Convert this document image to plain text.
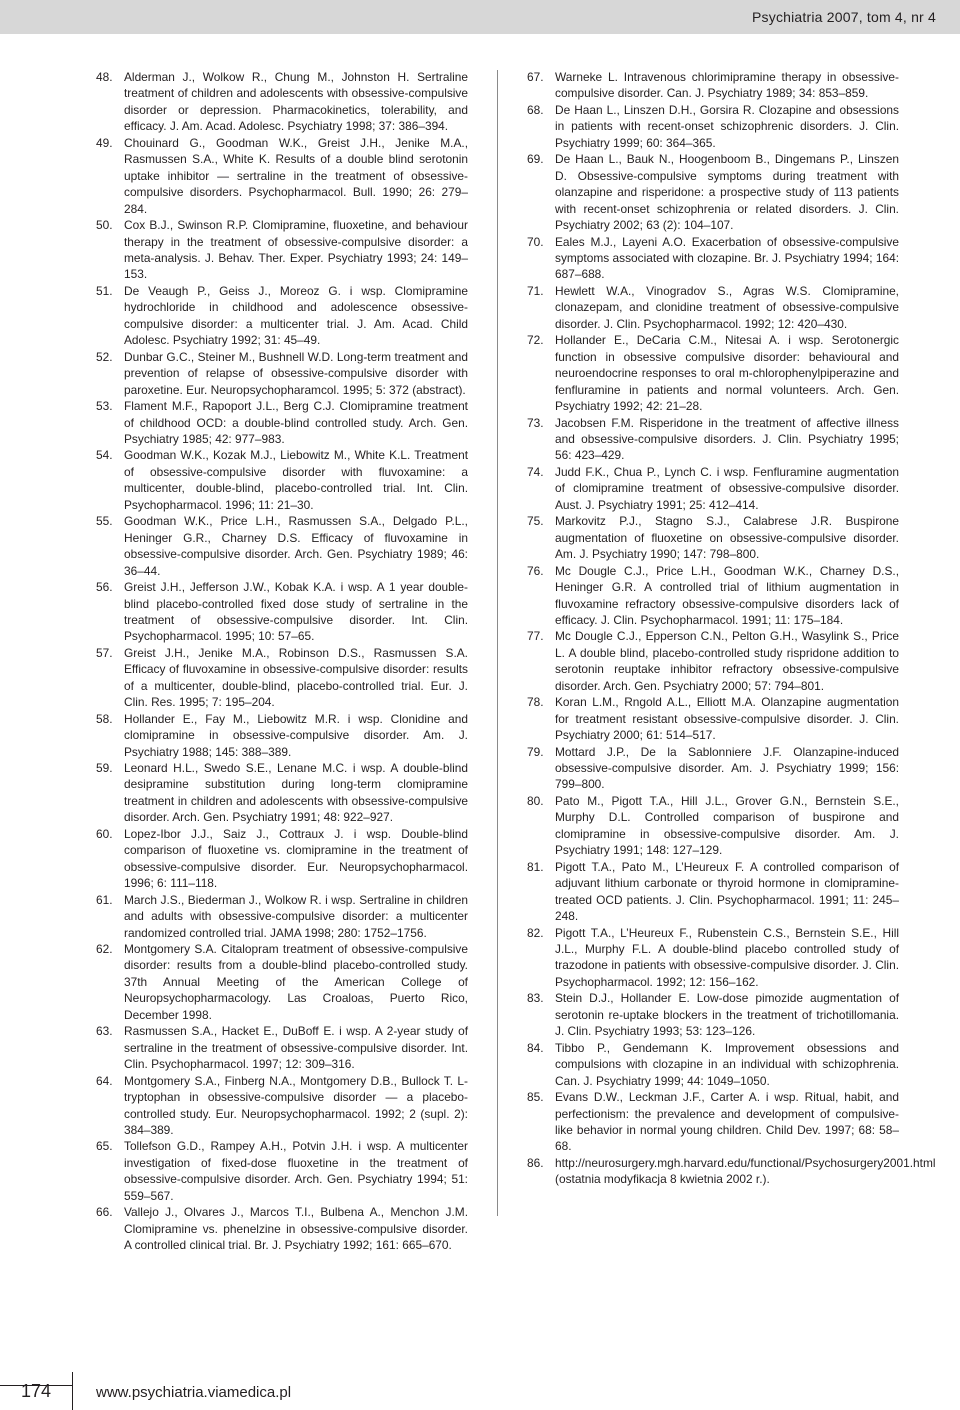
Psychiatria 2007, tom 4, nr 4
48. Alderman J., Wolkow R., Chung M., Johnston H. Sertraline treatment of children and adolescents with obsessive-compulsive disorder or depression. Pharmacokinetics, tolerability, and efficacy. J. Am. Acad. Adolesc. Psychiatry 1998; 37: 386–394.
49. Chouinard G., Goodman W.K., Greist J.H., Jenike M.A., Rasmussen S.A., White K. Results of a double blind serotonin uptake inhibitor — sertraline in the treatment of obsessive-compulsive disorders. Psychopharmacol. Bull. 1990; 26: 279–284.
50. Cox B.J., Swinson R.P. Clomipramine, fluoxetine, and behaviour therapy in the treatment of obsessive-compulsive disorder: a meta-analysis. J. Behav. Ther. Exper. Psychiatry 1993; 24: 149–153.
51. De Veaugh P., Geiss J., Moreoz G. i wsp. Clomipramine hydrochloride in childhood and adolescence obsessive-compulsive disorder: a multicenter trial. J. Am. Acad. Child Adolesc. Psychiatry 1992; 31: 45–49.
52. Dunbar G.C., Steiner M., Bushnell W.D. Long-term treatment and prevention of relapse of obsessive-compulsive disorder with paroxetine. Eur. Neuropsychopharamcol. 1995; 5: 372 (abstract).
53. Flament M.F., Rapoport J.L., Berg C.J. Clomipramine treatment of childhood OCD: a double-blind controlled study. Arch. Gen. Psychiatry 1985; 42: 977–983.
54. Goodman W.K., Kozak M.J., Liebowitz M., White K.L. Treatment of obsessive-compulsive disorder with fluvoxamine: a multicenter, double-blind, placebo-controlled trial. Int. Clin. Psychopharmacol. 1996; 11: 21–30.
55. Goodman W.K., Price L.H., Rasmussen S.A., Delgado P.L., Heninger G.R., Charney D.S. Efficacy of fluvoxamine in obsessive-compulsive disorder. Arch. Gen. Psychiatry 1989; 46: 36–44.
56. Greist J.H., Jefferson J.W., Kobak K.A. i wsp. A 1 year double-blind placebo-controlled fixed dose study of sertraline in the treatment of obsessive-compulsive disorder. Int. Clin. Psychopharmacol. 1995; 10: 57–65.
57. Greist J.H., Jenike M.A., Robinson D.S., Rasmussen S.A. Efficacy of fluvoxamine in obsessive-compulsive disorder: results of a multicenter, double-blind, placebo-controlled trial. Eur. J. Clin. Res. 1995; 7: 195–204.
58. Hollander E., Fay M., Liebowitz M.R. i wsp. Clonidine and clomipramine in obsessive-compulsive disorder. Am. J. Psychiatry 1988; 145: 388–389.
59. Leonard H.L., Swedo S.E., Lenane M.C. i wsp. A double-blind desipramine substitution during long-term clomipramine treatment in children and adolescents with obsessive-compulsive disorder. Arch. Gen. Psychiatry 1991; 48: 922–927.
60. Lopez-Ibor J.J., Saiz J., Cottraux J. i wsp. Double-blind comparison of fluoxetine vs. clomipramine in the treatment of obsessive-compulsive disorder. Eur. Neuropsychopharmacol. 1996; 6: 111–118.
61. March J.S., Biederman J., Wolkow R. i wsp. Sertraline in children and adults with obsessive-compulsive disorder: a multicenter randomized controlled trial. JAMA 1998; 280: 1752–1756.
62. Montgomery S.A. Citalopram treatment of obsessive-compulsive disorder: results from a double-blind placebo-controlled study. 37th Annual Meeting of the American College of Neuropsychopharmacology. Las Croaloas, Puerto Rico, December 1998.
63. Rasmussen S.A., Hacket E., DuBoff E. i wsp. A 2-year study of sertraline in the treatment of obsessive-compulsive disorder. Int. Clin. Psychopharmacol. 1997; 12: 309–316.
64. Montgomery S.A., Finberg N.A., Montgomery D.B., Bullock T. L-tryptophan in obsessive-compulsive disorder — a placebo-controlled study. Eur. Neuropsychopharmacol. 1992; 2 (supl. 2): 384–389.
65. Tollefson G.D., Rampey A.H., Potvin J.H. i wsp. A multicenter investigation of fixed-dose fluoxetine in the treatment of obsessive-compulsive disorder. Arch. Gen. Psychiatry 1994; 51: 559–567.
66. Vallejo J., Olvares J., Marcos T.I., Bulbena A., Menchon J.M. Clomipramine vs. phenelzine in obsessive-compulsive disorder. A controlled clinical trial. Br. J. Psychiatry 1992; 161: 665–670.
67. Warneke L. Intravenous chlorimipramine therapy in obsessive-compulsive disorder. Can. J. Psychiatry 1989; 34: 853–859.
68. De Haan L., Linszen D.H., Gorsira R. Clozapine and obsessions in patients with recent-onset schizophrenic disorders. J. Clin. Psychiatry 1999; 60: 364–365.
69. De Haan L., Bauk N., Hoogenboom B., Dingemans P., Linszen D. Obsessive-compulsive symptoms during treatment with olanzapine and risperidone: a prospective study of 113 patients with recent-onset schizophrenia or related disorders. J. Clin. Psychiatry 2002; 63 (2): 104–107.
70. Eales M.J., Layeni A.O. Exacerbation of obsessive-compulsive symptoms associated with clozapine. Br. J. Psychiatry 1994; 164: 687–688.
71. Hewlett W.A., Vinogradov S., Agras W.S. Clomipramine, clonazepam, and clonidine treatment of obsessive-compulsive disorder. J. Clin. Psychopharmacol. 1992; 12: 420–430.
72. Hollander E., DeCaria C.M., Nitesai A. i wsp. Serotonergic function in obsessive compulsive disorder: behavioural and neuroendocrine responses to oral m-chlorophenylpiperazine and fenfluramine in patients and normal volunteers. Arch. Gen. Psychiatry 1992; 42: 21–28.
73. Jacobsen F.M. Risperidone in the treatment of affective illness and obsessive-compulsive disorders. J. Clin. Psychiatry 1995; 56: 423–429.
74. Judd F.K., Chua P., Lynch C. i wsp. Fenfluramine augmentation of clomipramine treatment of obsessive-compulsive disorder. Aust. J. Psychiatry 1991; 25: 412–414.
75. Markovitz P.J., Stagno S.J., Calabrese J.R. Buspirone augmentation of fluoxetine on obsessive-compulsive disorder. Am. J. Psychiatry 1990; 147: 798–800.
76. Mc Dougle C.J., Price L.H., Goodman W.K., Charney D.S., Heninger G.R. A controlled trial of lithium augmentation in fluvoxamine refractory obsessive-compulsive disorders lack of efficacy. J. Clin. Psychopharmacol. 1991; 11: 175–184.
77. Mc Dougle C.J., Epperson C.N., Pelton G.H., Wasylink S., Price L. A double blind, placebo-controlled study rispridone addition to serotonin reuptake inhibitor refractory obsessive-compulsive disorder. Arch. Gen. Psychiatry 2000; 57: 794–801.
78. Koran L.M., Rngold A.L., Elliott M.A. Olanzapine augmentation for treatment resistant obsessive-compulsive disorder. J. Clin. Psychiatry 2000; 61: 514–517.
79. Mottard J.P., De la Sablonniere J.F. Olanzapine-induced obsessive-compulsive disorder. Am. J. Psychiatry 1999; 156: 799–800.
80. Pato M., Pigott T.A., Hill J.L., Grover G.N., Bernstein S.E., Murphy D.L. Controlled comparison of buspirone and clomipramine in obsessive-compulsive disorder. Am. J. Psychiatry 1991; 148: 127–129.
81. Pigott T.A., Pato M., L’Heureux F. A controlled comparison of adjuvant lithium carbonate or thyroid hormone in clomipramine-treated OCD patients. J. Clin. Psychopharmacol. 1991; 11: 245–248.
82. Pigott T.A., L’Heureux F., Rubenstein C.S., Bernstein S.E., Hill J.L., Murphy F.L. A double-blind placebo controlled study of trazodone in patients with obsessive-compulsive disorder. J. Clin. Psychopharmacol. 1992; 12: 156–162.
83. Stein D.J., Hollander E. Low-dose pimozide augmentation of serotonin re-uptake blockers in the treatment of trichotillomania. J. Clin. Psychiatry 1993; 53: 123–126.
84. Tibbo P., Gendemann K. Improvement obsessions and compulsions with clozapine in an individual with schizophrenia. Can. J. Psychiatry 1999; 44: 1049–1050.
85. Evans D.W., Leckman J.F., Carter A. i wsp. Ritual, habit, and perfectionism: the prevalence and development of compulsive-like behavior in normal young children. Child Dev. 1997; 68: 58–68.
86. http://neurosurgery.mgh.harvard.edu/functional/Psychosurgery2001.html (ostatnia modyfikacja 8 kwietnia 2002 r.).
174	www.psychiatria.viamedica.pl
